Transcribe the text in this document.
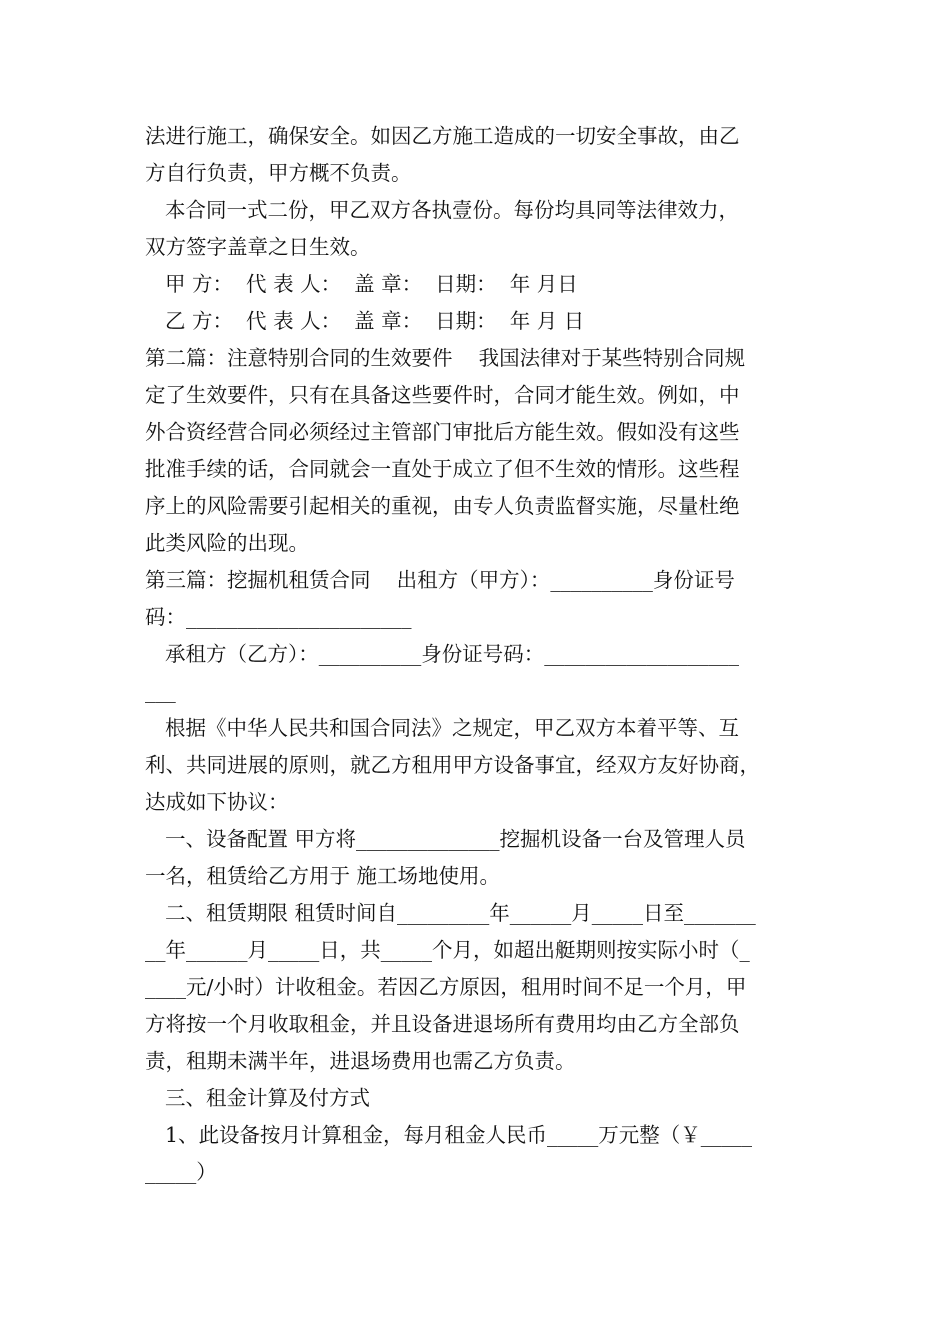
法进行施工，确保安全。如因乙方施工造成的一切安全事故，由乙

方自行负责，甲方概不负责。

本合同一式二份，甲乙双方各执壹份。每份均具同等法律效力，

双方签字盖章之日生效。

甲 方：  代 表 人：  盖 章：  日期：  年 月日

乙 方：  代 表 人：  盖 章：  日期：  年 月 日

第二篇：注意特别合同的生效要件    我国法律对于某些特别合同规

定了生效要件，只有在具备这些要件时，合同才能生效。例如，中

外合资经营合同必须经过主管部门审批后方能生效。假如没有这些

批准手续的话，合同就会一直处于成立了但不生效的情形。这些程

序上的风险需要引起相关的重视，由专人负责监督实施，尽量杜绝

此类风险的出现。

第三篇：挖掘机租赁合同    出租方（甲方）：__________身份证号

码：______________________

承租方（乙方）：__________身份证号码：___________________

___

根据《中华人民共和国合同法》之规定，甲乙双方本着平等、互

利、共同进展的原则，就乙方租用甲方设备事宜，经双方友好协商，

达成如下协议：

一、设备配置 甲方将______________挖掘机设备一台及管理人员

一名，租赁给乙方用于 施工场地使用。

二、租赁期限 租赁时间自_________年______月_____日至_______

__年______月_____日，共_____个月，如超出艇期则按实际小时（_

____元/小时）计收租金。若因乙方原因，租用时间不足一个月，甲

方将按一个月收取租金，并且设备进退场所有费用均由乙方全部负

责，租期未满半年，进退场费用也需乙方负责。

三、租金计算及付方式

1、此设备按月计算租金，每月租金人民币_____万元整（￥_____

_____）
